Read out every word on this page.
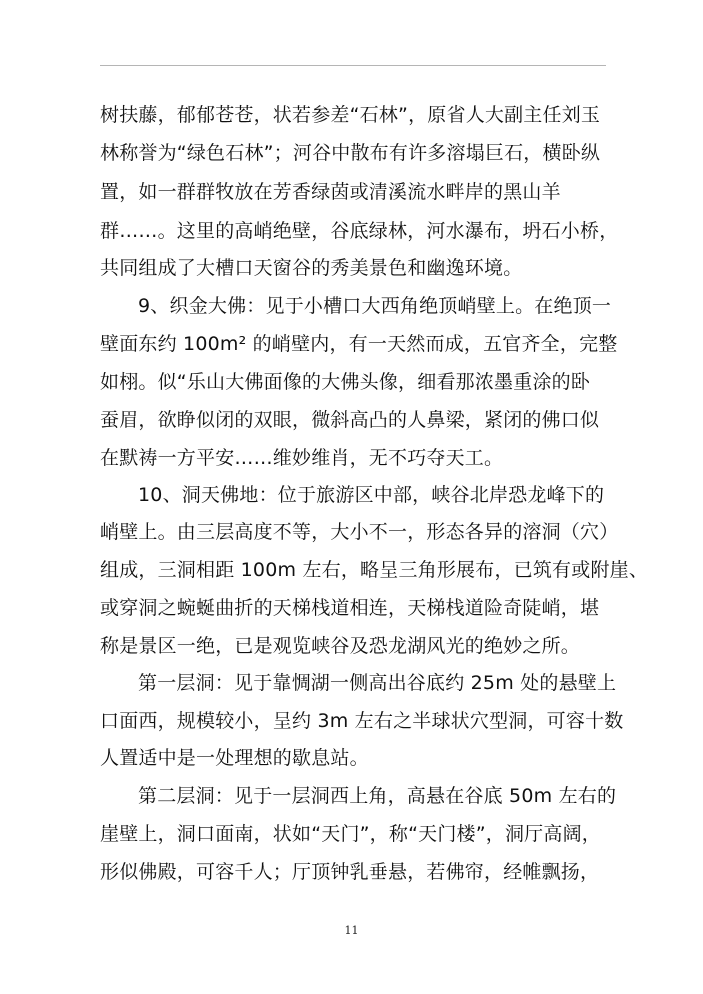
树扶藤，郁郁苍苍，状若参差“石林”，原省人大副主任刘玉
林称誉为“绿色石林”；河谷中散布有许多溶塌巨石，横卧纵
置，如一群群牧放在芳香绿茵或清溪流水畔岸的黑山羊
群……。这里的高峭绝壁，谷底绿林，河水瀑布，坍石小桥，
共同组成了大槽口天窗谷的秀美景色和幽逸环境。
9、织金大佛：见于小槽口大西角绝顶峭壁上。在绝顶一
壁面东约 100m² 的峭壁内，有一天然而成，五官齐全，完整
如栩。似“乐山大佛面像的大佛头像，细看那浓墨重涂的卧
蚕眉，欲睁似闭的双眼，微斜高凸的人鼻梁，紧闭的佛口似
在默祷一方平安……维妙维肖，无不巧夺天工。
10、洞天佛地：位于旅游区中部，峡谷北岸恐龙峰下的
峭壁上。由三层高度不等，大小不一，形态各异的溶洞（穴）
组成，三洞相距 100m 左右，略呈三角形展布，已筑有或附崖、
或穿洞之蜿蜒曲折的天梯栈道相连，天梯栈道险奇陡峭，堪
称是景区一绝，已是观览峡谷及恐龙湖风光的绝妙之所。
第一层洞：见于靠惆湖一侧高出谷底约 25m 处的悬壁上
口面西，规模较小，呈约 3m 左右之半球状穴型洞，可容十数
人置适中是一处理想的歇息站。
第二层洞：见于一层洞西上角，高悬在谷底 50m 左右的
崖壁上，洞口面南，状如“天门”，称“天门楼”，洞厅高阔，
形似佛殿，可容千人；厅顶钟乳垂悬，若佛帘，经帷飘扬，
11
